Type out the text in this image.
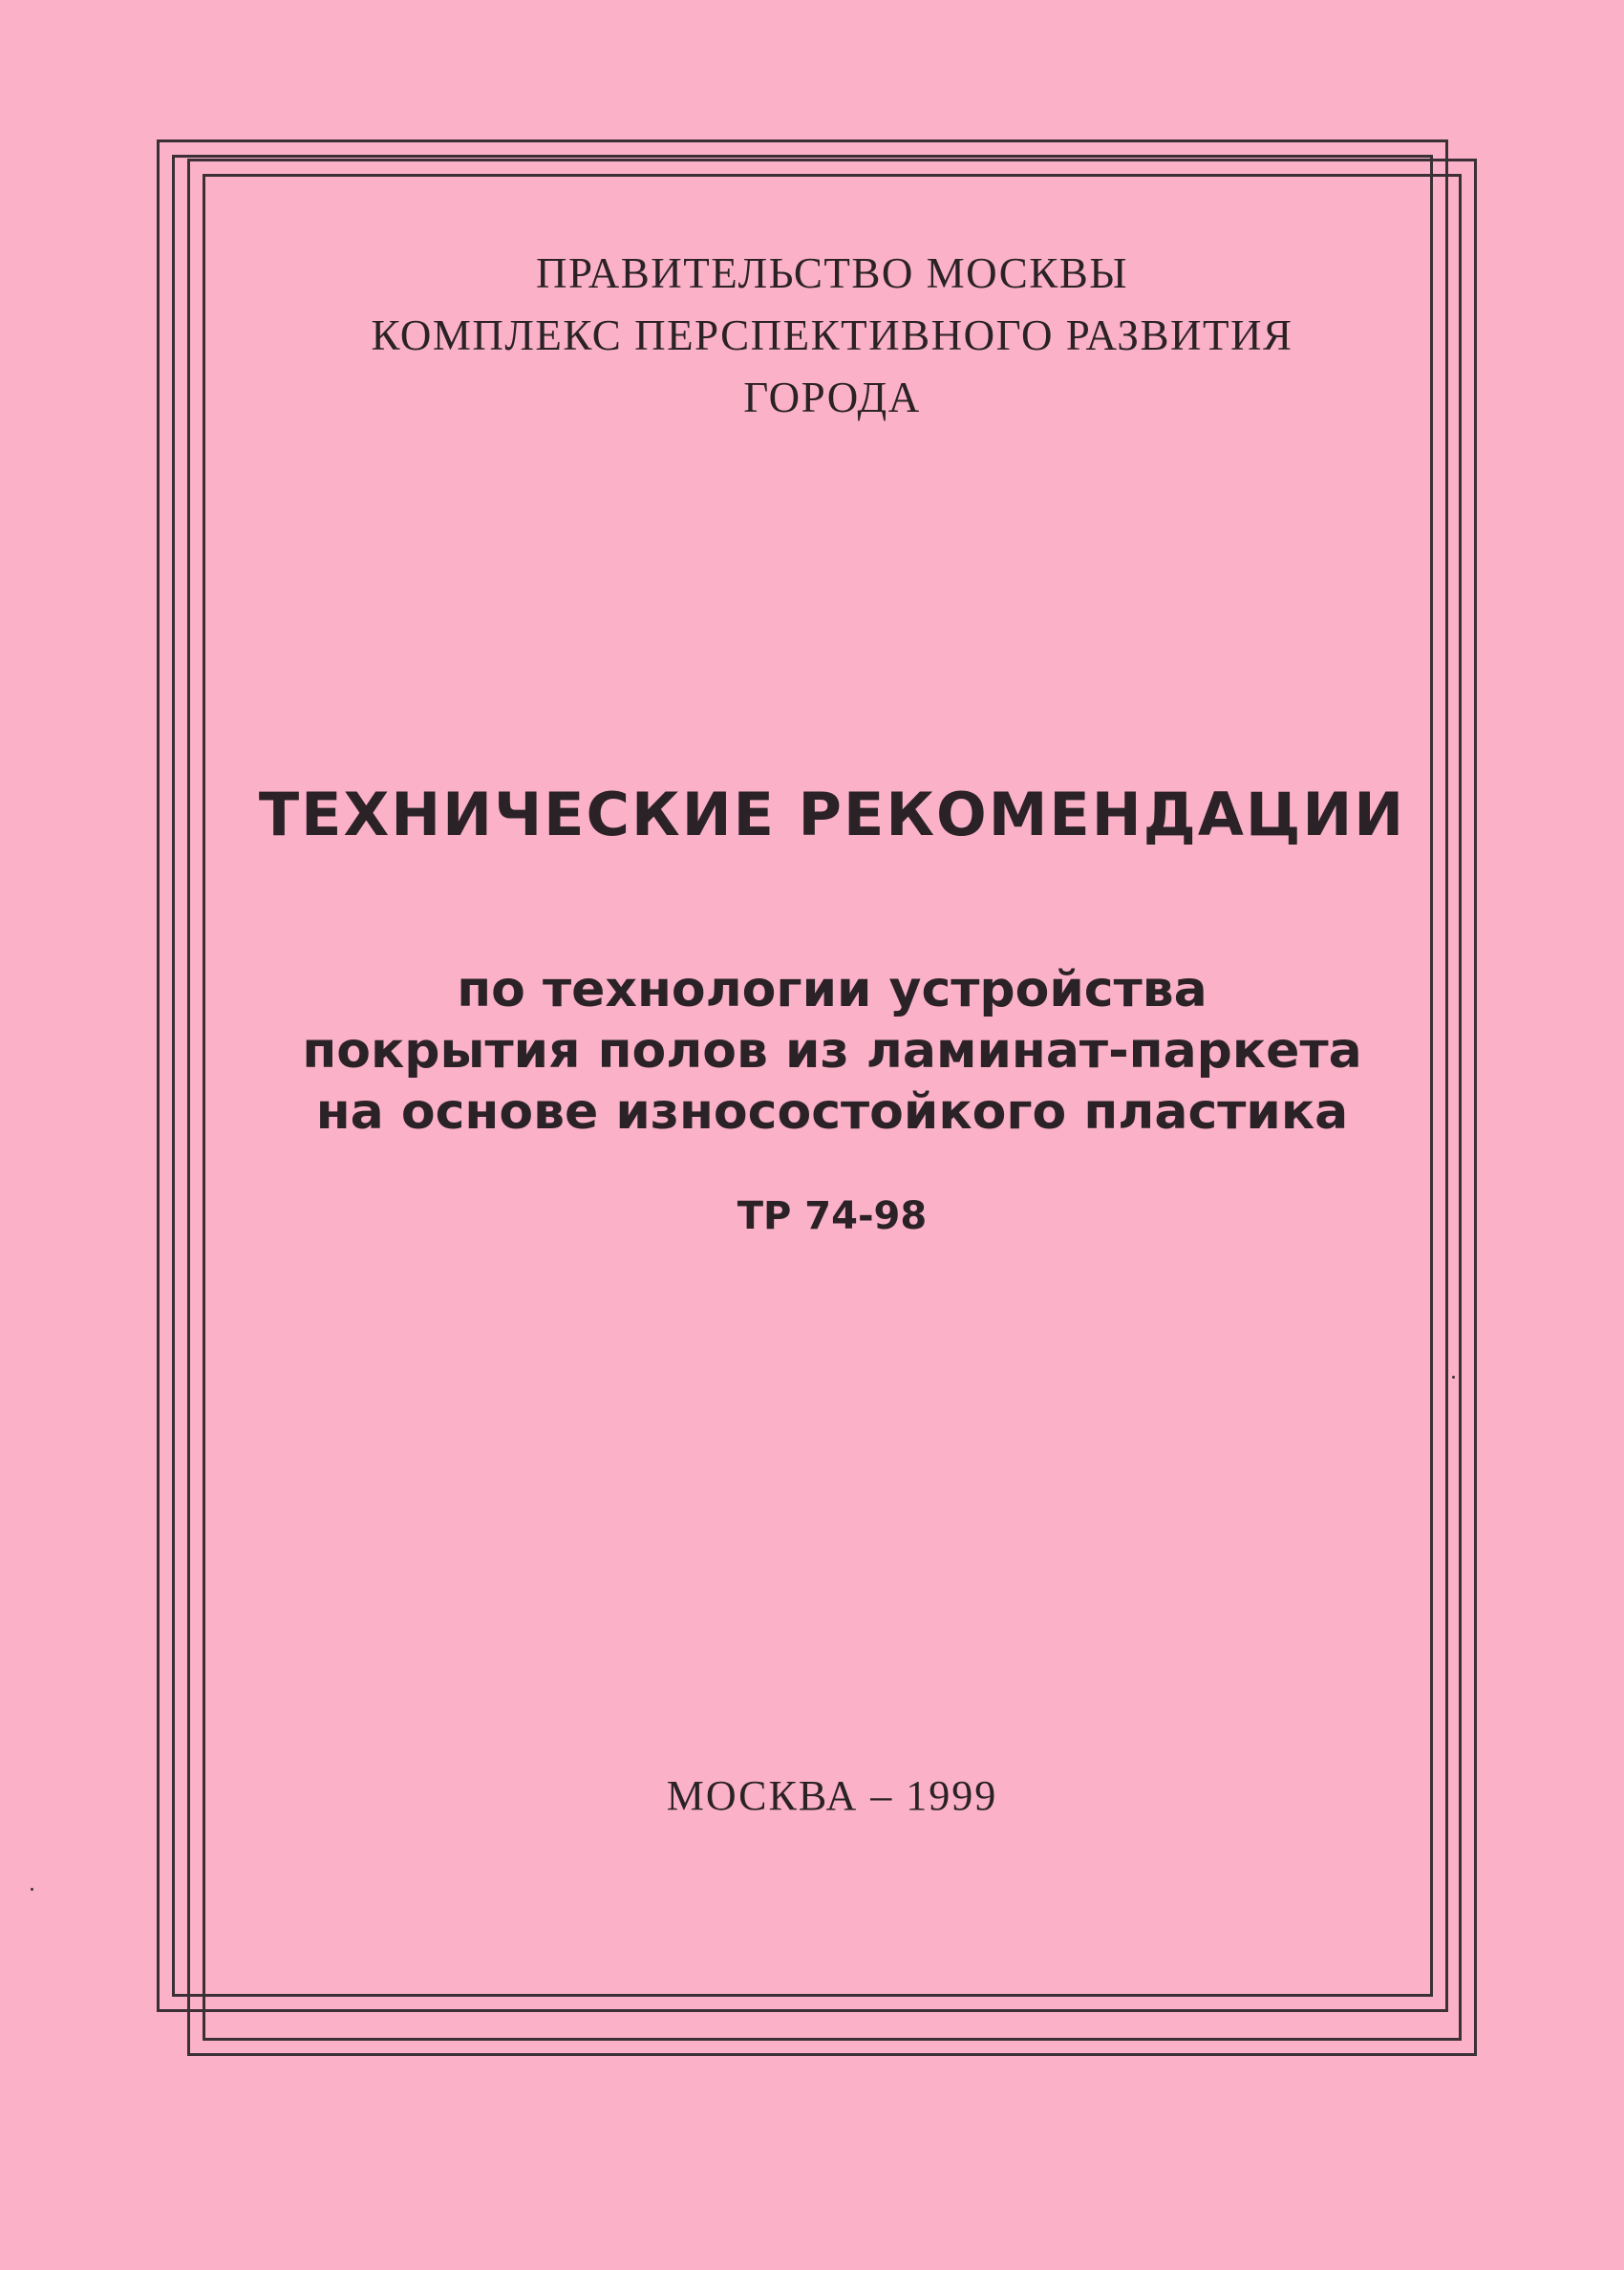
ПРАВИТЕЛЬСТВО МОСКВЫ
КОМПЛЕКС ПЕРСПЕКТИВНОГО РАЗВИТИЯ
ГОРОДА
ТЕХНИЧЕСКИЕ РЕКОМЕНДАЦИИ
по технологии устройства
покрытия полов из ламинат-паркета
на основе износостойкого пластика
ТР 74-98
МОСКВА – 1999
